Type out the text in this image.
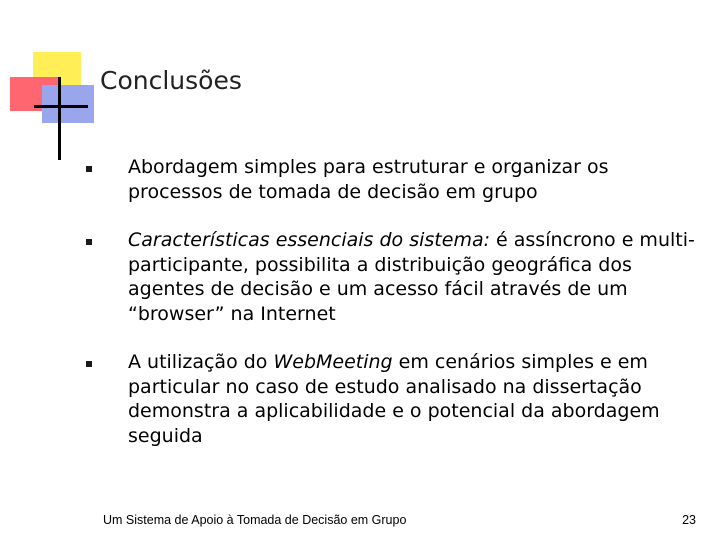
Conclusões
Abordagem simples para estruturar e organizar os processos de tomada de decisão em grupo
Características essenciais do sistema: é assíncrono e multi-participante, possibilita a distribuição geográfica dos agentes de decisão e um acesso fácil através de um “browser” na Internet
A utilização do WebMeeting em cenários simples e em particular no caso de estudo analisado na dissertação demonstra a aplicabilidade e o potencial da abordagem seguida
Um Sistema de Apoio à Tomada de Decisão em Grupo	23
